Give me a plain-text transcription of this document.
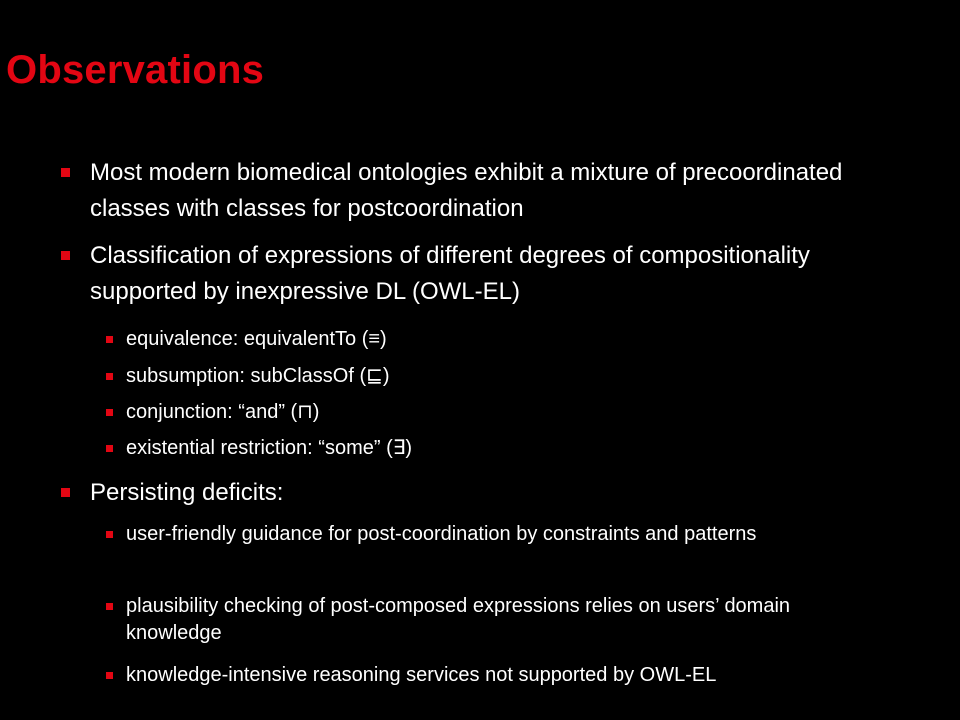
Observations
Most modern biomedical ontologies exhibit a mixture of precoordinated classes with classes for postcoordination
Classification of expressions of different degrees of compositionality supported by inexpressive DL (OWL-EL)
equivalence: equivalentTo (≡)
subsumption: subClassOf (⊑)
conjunction: “and” (⊓)
existential restriction: “some” (∃)
Persisting deficits:
user-friendly guidance for post-coordination by constraints and patterns
plausibility checking of post-composed expressions relies on users’ domain knowledge
knowledge-intensive reasoning services not supported by OWL-EL
